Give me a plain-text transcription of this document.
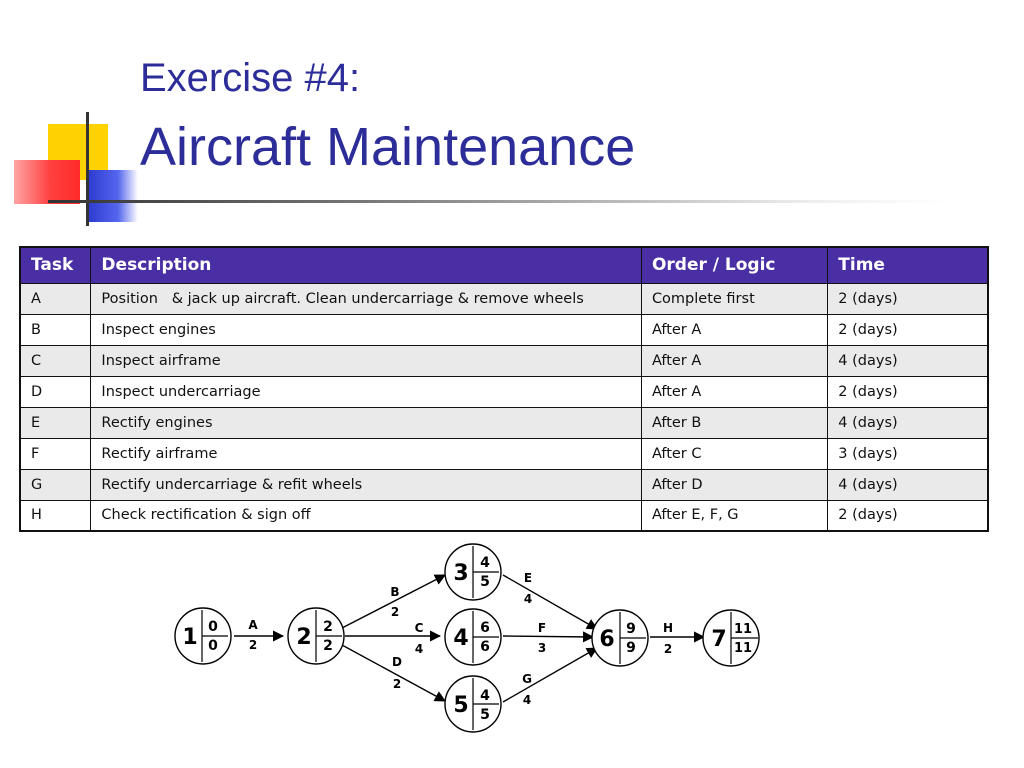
Exercise #4:
Aircraft Maintenance
Task	Description	Order / Logic	Time
A	Position   & jack up aircraft. Clean undercarriage & remove wheels	Complete first	2 (days)
B	Inspect engines	After A	2 (days)
C	Inspect airframe	After A	4 (days)
D	Inspect undercarriage	After A	2 (days)
E	Rectify engines	After B	4 (days)
F	Rectify airframe	After C	3 (days)
G	Rectify undercarriage & refit wheels	After D	4 (days)
H	Check rectification & sign off	After E, F, G	2 (days)
A
2
B
2
C
4
D
2
E
4
F
3
G
4
H
2
1 0
0	2 2
2
3 4
5
4 6
6
5 4
5
6 9
9	7 11
11
